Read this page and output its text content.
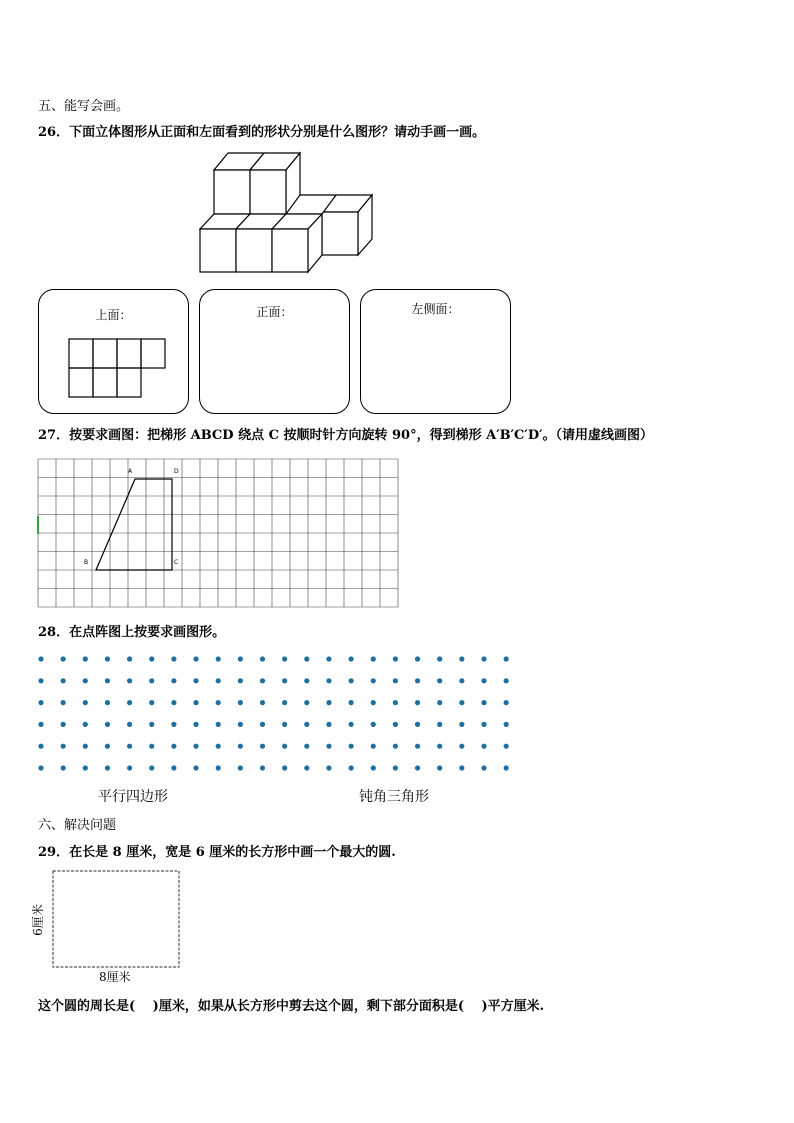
五、能写会画。
26．下面立体图形从正面和左面看到的形状分别是什么图形？请动手画一画。
上面：	正面：	左侧面：
27．按要求画图：把梯形 ABCD 绕点 C 按顺时针方向旋转 90°，得到梯形 A′B′C′D′。（请用虚线画图）
A	D
B	C
28．在点阵图上按要求画图形。
平行四边形	钝角三角形
六、解决问题
29．在长是 8 厘米，宽是 6 厘米的长方形中画一个最大的圆.
6厘米
8厘米
这个圆的周长是(　 )厘米，如果从长方形中剪去这个圆，剩下部分面积是(　 )平方厘米.
